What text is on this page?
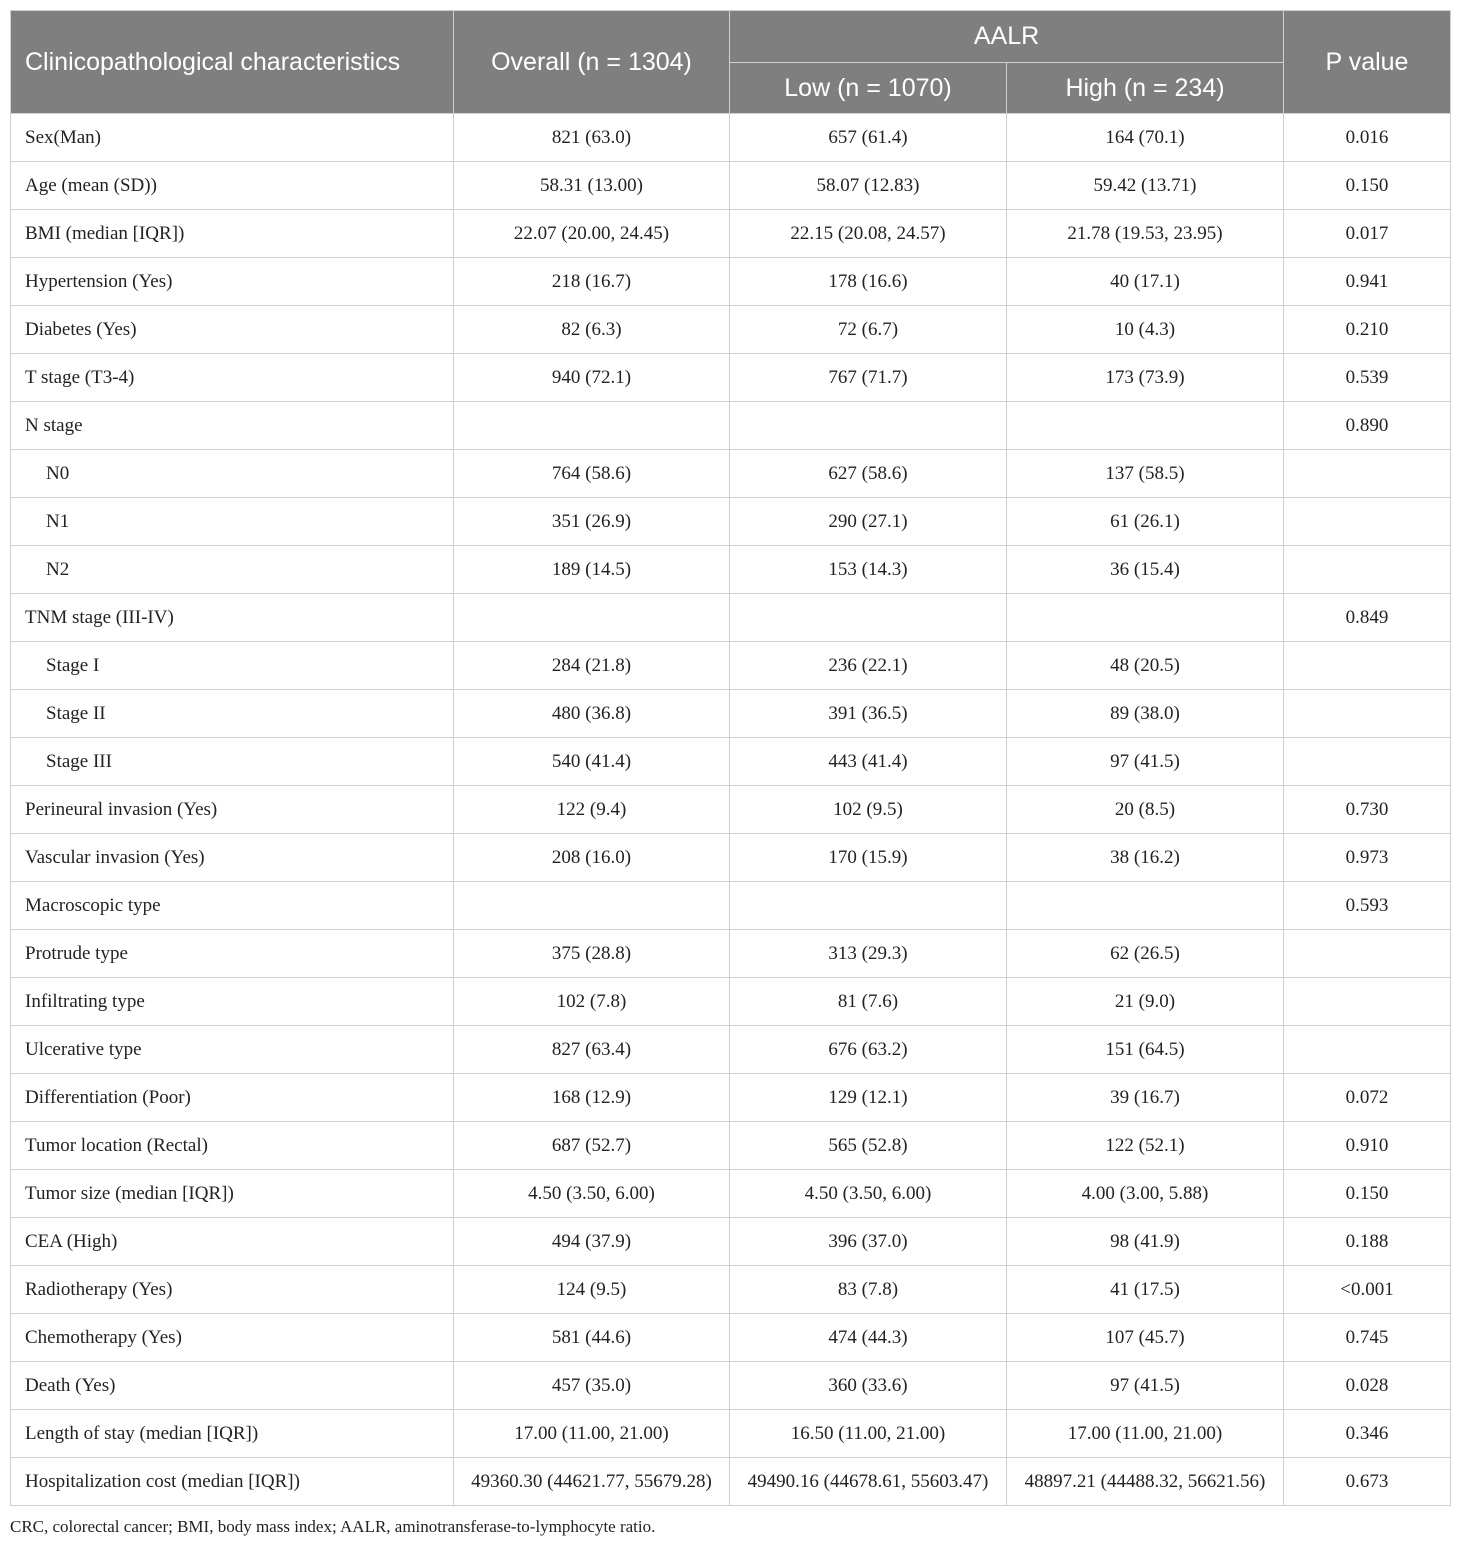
Clinicopathological characteristics	Overall (n = 1304)	AALR		P value
		Low (n = 1070)	High (n = 234)	
Sex(Man)	821 (63.0)	657 (61.4)	164 (70.1)	0.016
Age (mean (SD))	58.31 (13.00)	58.07 (12.83)	59.42 (13.71)	0.150
BMI (median [IQR])	22.07 (20.00, 24.45)	22.15 (20.08, 24.57)	21.78 (19.53, 23.95)	0.017
Hypertension (Yes)	218 (16.7)	178 (16.6)	40 (17.1)	0.941
Diabetes (Yes)	82 (6.3)	72 (6.7)	10 (4.3)	0.210
T stage (T3-4)	940 (72.1)	767 (71.7)	173 (73.9)	0.539
N stage				0.890
N0	764 (58.6)	627 (58.6)	137 (58.5)	
N1	351 (26.9)	290 (27.1)	61 (26.1)	
N2	189 (14.5)	153 (14.3)	36 (15.4)	
TNM stage (III-IV)				0.849
Stage I	284 (21.8)	236 (22.1)	48 (20.5)	
Stage II	480 (36.8)	391 (36.5)	89 (38.0)	
Stage III	540 (41.4)	443 (41.4)	97 (41.5)	
Perineural invasion (Yes)	122 (9.4)	102 (9.5)	20 (8.5)	0.730
Vascular invasion (Yes)	208 (16.0)	170 (15.9)	38 (16.2)	0.973
Macroscopic type				0.593
Protrude type	375 (28.8)	313 (29.3)	62 (26.5)	
Infiltrating type	102 (7.8)	81 (7.6)	21 (9.0)	
Ulcerative type	827 (63.4)	676 (63.2)	151 (64.5)	
Differentiation (Poor)	168 (12.9)	129 (12.1)	39 (16.7)	0.072
Tumor location (Rectal)	687 (52.7)	565 (52.8)	122 (52.1)	0.910
Tumor size (median [IQR])	4.50 (3.50, 6.00)	4.50 (3.50, 6.00)	4.00 (3.00, 5.88)	0.150
CEA (High)	494 (37.9)	396 (37.0)	98 (41.9)	0.188
Radiotherapy (Yes)	124 (9.5)	83 (7.8)	41 (17.5)	<0.001
Chemotherapy (Yes)	581 (44.6)	474 (44.3)	107 (45.7)	0.745
Death (Yes)	457 (35.0)	360 (33.6)	97 (41.5)	0.028
Length of stay (median [IQR])	17.00 (11.00, 21.00)	16.50 (11.00, 21.00)	17.00 (11.00, 21.00)	0.346
Hospitalization cost (median [IQR])	49360.30 (44621.77, 55679.28)	49490.16 (44678.61, 55603.47)	48897.21 (44488.32, 56621.56)	0.673
CRC, colorectal cancer; BMI, body mass index; AALR, aminotransferase-to-lymphocyte ratio.
